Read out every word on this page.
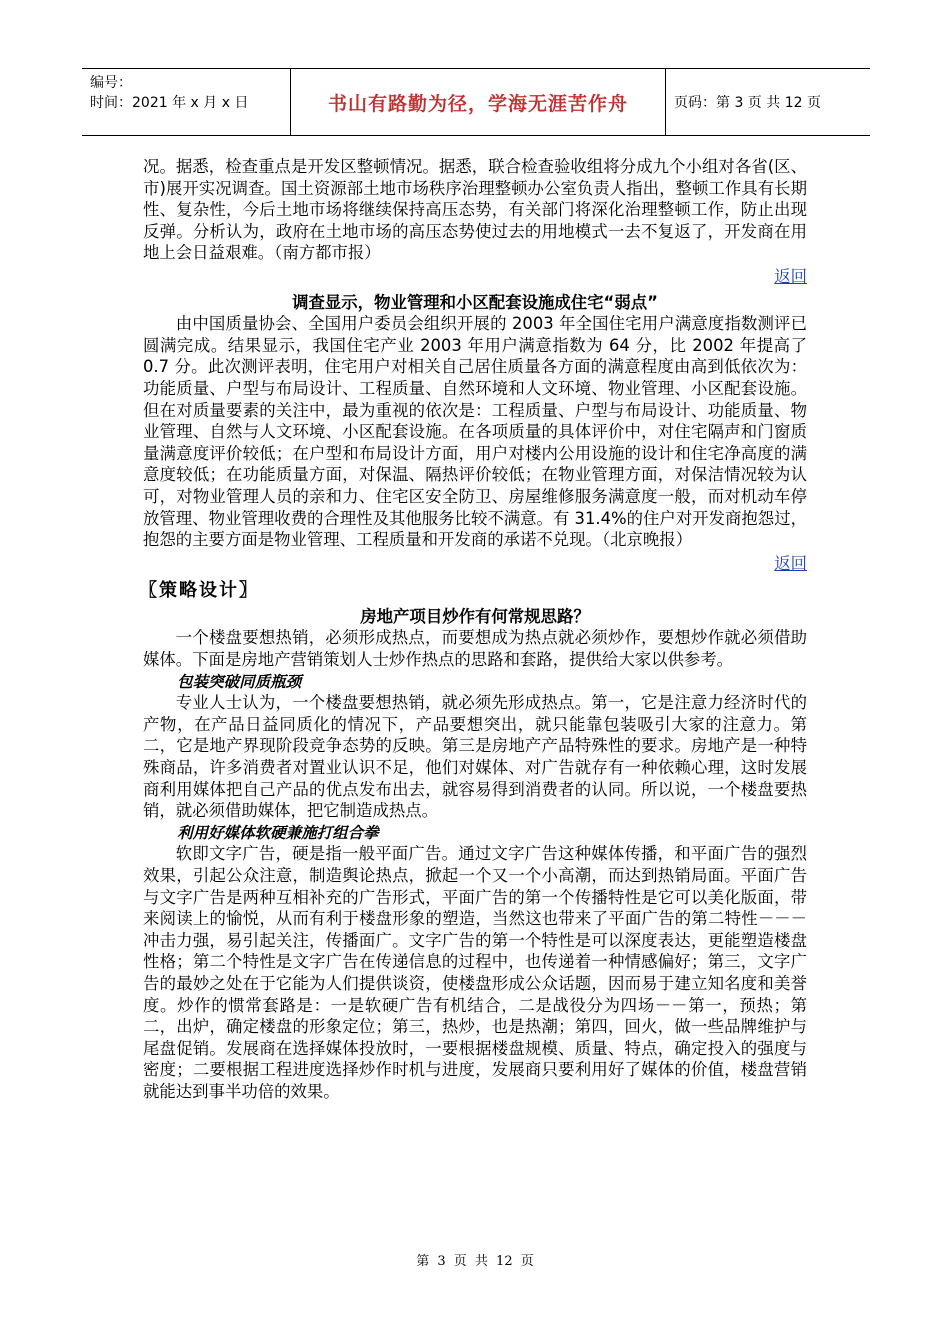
编号：
时间：2021 年 x 月 x 日	书山有路勤为径，学海无涯苦作舟	页码：第 3 页 共 12 页

况。据悉，检查重点是开发区整顿情况。据悉，联合检查验收组将分成九个小组对各省(区、市)展开实况调查。国土资源部土地市场秩序治理整顿办公室负责人指出，整顿工作具有长期性、复杂性，今后土地市场将继续保持高压态势，有关部门将深化治理整顿工作，防止出现反弹。分析认为，政府在土地市场的高压态势使过去的用地模式一去不复返了，开发商在用地上会日益艰难。（南方都市报）

返回

调查显示，物业管理和小区配套设施成住宅“弱点”

由中国质量协会、全国用户委员会组织开展的 2003 年全国住宅用户满意度指数测评已圆满完成。结果显示，我国住宅产业 2003 年用户满意指数为 64 分，比 2002 年提高了 0.7 分。此次测评表明，住宅用户对相关自己居住质量各方面的满意程度由高到低依次为：功能质量、户型与布局设计、工程质量、自然环境和人文环境、物业管理、小区配套设施。但在对质量要素的关注中，最为重视的依次是：工程质量、户型与布局设计、功能质量、物业管理、自然与人文环境、小区配套设施。在各项质量的具体评价中，对住宅隔声和门窗质量满意度评价较低；在户型和布局设计方面，用户对楼内公用设施的设计和住宅净高度的满意度较低；在功能质量方面，对保温、隔热评价较低；在物业管理方面，对保洁情况较为认可，对物业管理人员的亲和力、住宅区安全防卫、房屋维修服务满意度一般，而对机动车停放管理、物业管理收费的合理性及其他服务比较不满意。有 31.4%的住户对开发商抱怨过，抱怨的主要方面是物业管理、工程质量和开发商的承诺不兑现。（北京晚报）

返回
〖策略设计〗

房地产项目炒作有何常规思路？

一个楼盘要想热销，必须形成热点，而要想成为热点就必须炒作，要想炒作就必须借助媒体。下面是房地产营销策划人士炒作热点的思路和套路，提供给大家以供参考。

包装突破同质瓶颈

专业人士认为，一个楼盘要想热销，就必须先形成热点。第一，它是注意力经济时代的产物，在产品日益同质化的情况下，产品要想突出，就只能靠包装吸引大家的注意力。第二，它是地产界现阶段竞争态势的反映。第三是房地产产品特殊性的要求。房地产是一种特殊商品，许多消费者对置业认识不足，他们对媒体、对广告就存有一种依赖心理，这时发展商利用媒体把自己产品的优点发布出去，就容易得到消费者的认同。所以说，一个楼盘要热销，就必须借助媒体，把它制造成热点。

利用好媒体软硬兼施打组合拳

软即文字广告，硬是指一般平面广告。通过文字广告这种媒体传播，和平面广告的强烈效果，引起公众注意，制造舆论热点，掀起一个又一个小高潮，而达到热销局面。平面广告与文字广告是两种互相补充的广告形式，平面广告的第一个传播特性是它可以美化版面，带来阅读上的愉悦，从而有利于楼盘形象的塑造，当然这也带来了平面广告的第二特性－－－冲击力强，易引起关注，传播面广。文字广告的第一个特性是可以深度表达，更能塑造楼盘性格；第二个特性是文字广告在传递信息的过程中，也传递着一种情感偏好；第三，文字广告的最妙之处在于它能为人们提供谈资，使楼盘形成公众话题，因而易于建立知名度和美誉度。炒作的惯常套路是：一是软硬广告有机结合，二是战役分为四场－－第一，预热；第二，出炉，确定楼盘的形象定位；第三，热炒，也是热潮；第四，回火，做一些品牌维护与尾盘促销。发展商在选择媒体投放时，一要根据楼盘规模、质量、特点，确定投入的强度与密度；二要根据工程进度选择炒作时机与进度，发展商只要利用好了媒体的价值，楼盘营销就能达到事半功倍的效果。

第 3 页 共 12 页
